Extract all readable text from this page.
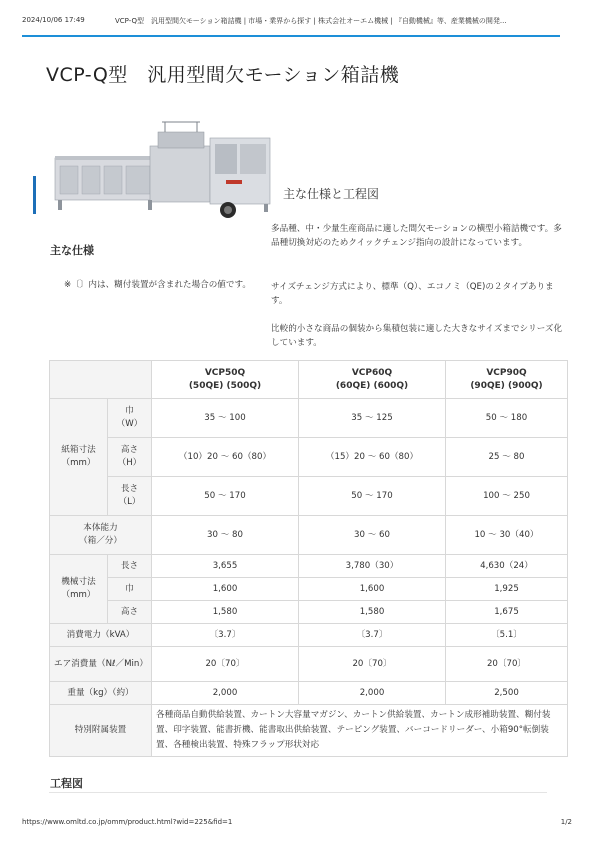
2024/10/06 17:49	VCP-Q型　汎用型間欠モーション箱詰機 | 市場・業界から探す | 株式会社オーエム機械 | 『自動機械』等、産業機械の開発...
VCP-Q型　汎用型間欠モーション箱詰機
主な仕様と工程図
多品種、中・少量生産商品に適した間欠モーションの横型小箱詰機です。多品種切換対応のためクイックチェンジ指向の設計になっています。
サイズチェンジ方式により、標準（Q）、エコノミ（QE)の２タイプあります。
比較的小さな商品の個装から集積包装に適した大きなサイズまでシリーズ化しています。
主な仕様
※〔〕内は、糊付装置が含まれた場合の値です。
		VCP50Q
(50QE) (500Q)	VCP60Q
(60QE) (600Q)	VCP90Q
(90QE) (900Q)
紙箱寸法
（mm）	巾
（W）	35 ～ 100	35 ～ 125	50 ～ 180
	高さ
（H）	（10）20 ～ 60（80）	（15）20 ～ 60（80）	25 ～ 80
	長さ
（L）	50 ～ 170	50 ～ 170	100 ～ 250
本体能力
（箱／分）		30 ～ 80	30 ～ 60	10 ～ 30（40）
機械寸法
（mm）	長さ	3,655	3,780（30）	4,630（24）
	巾	1,600	1,600	1,925
	高さ	1,580	1,580	1,675
消費電力（kVA）		〔3.7〕	〔3.7〕	〔5.1〕
エア消費量（Nℓ／Min）		20〔70〕	20〔70〕	20〔70〕
重量（kg）（約）		2,000	2,000	2,500
特別附属装置		各種商品自動供給装置、カートン大容量マガジン、カートン供給装置、カートン成形補助装置、糊付装置、印字装置、能書折機、能書取出供給装置、テーピング装置、バーコードリーダー、小箱90°転倒装置、各種検出装置、特殊フラップ形状対応		
工程図
https://www.omltd.co.jp/omm/product.html?wid=225&fid=1	1/2
